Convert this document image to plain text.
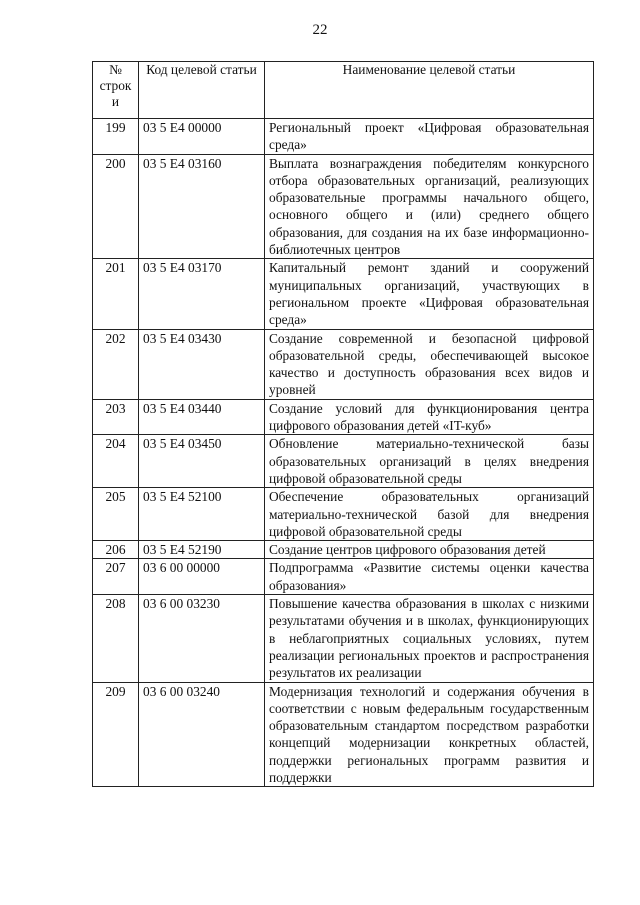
22
№ строк и	Код целевой статьи	Наименование целевой статьи
199	03 5 Е4 00000	Региональный проект «Цифровая образовательная среда»
200	03 5 Е4 03160	Выплата вознаграждения победителям конкурсного отбора образовательных организаций, реализующих образовательные программы начального общего, основного общего и (или) среднего общего образования, для создания на их базе информационно-библиотечных центров
201	03 5 Е4 03170	Капитальный ремонт зданий и сооружений муниципальных организаций, участвующих в региональном проекте «Цифровая образовательная среда»
202	03 5 Е4 03430	Создание современной и безопасной цифровой образовательной среды, обеспечивающей высокое качество и доступность образования всех видов и уровней
203	03 5 Е4 03440	Создание условий для функционирования центра цифрового образования детей «IT-куб»
204	03 5 Е4 03450	Обновление материально-технической базы образовательных организаций в целях внедрения цифровой образовательной среды
205	03 5 Е4 52100	Обеспечение образовательных организаций материально-технической базой для внедрения цифровой образовательной среды
206	03 5 Е4 52190	Создание центров цифрового образования детей
207	03 6 00 00000	Подпрограмма «Развитие системы оценки качества образования»
208	03 6 00 03230	Повышение качества образования в школах с низкими результатами обучения и в школах, функционирующих в неблагоприятных социальных условиях, путем реализации региональных проектов и распространения результатов их реализации
209	03 6 00 03240	Модернизация технологий и содержания обучения в соответствии с новым федеральным государственным образовательным стандартом посредством разработки концепций модернизации конкретных областей, поддержки региональных программ развития и поддержки
